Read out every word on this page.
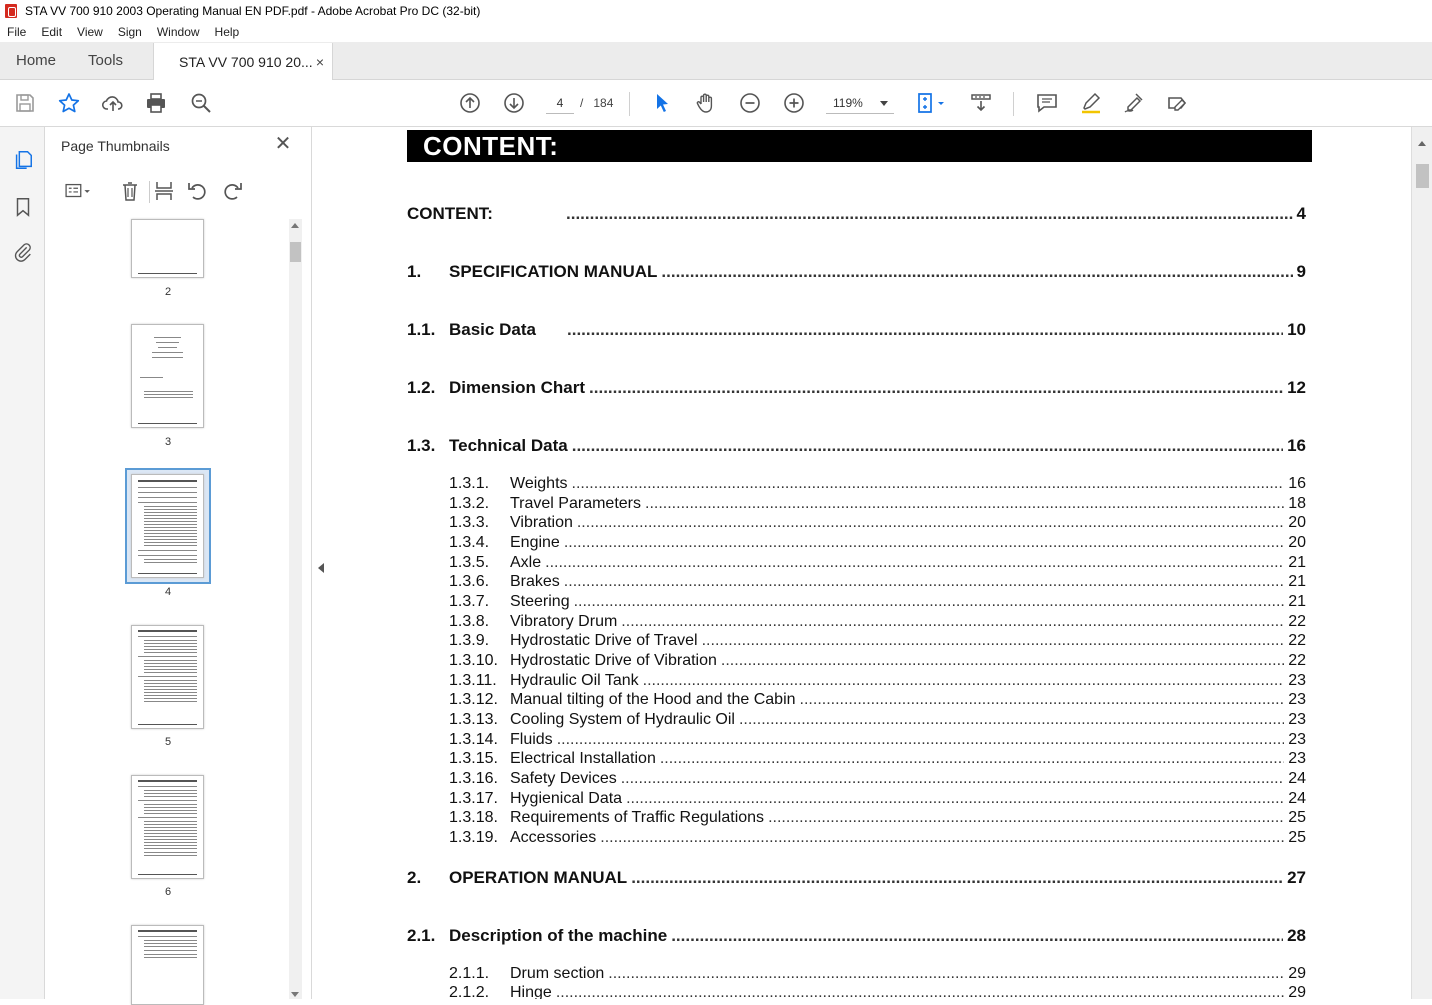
STA VV 700 910 2003 Operating Manual EN PDF.pdf - Adobe Acrobat Pro DC (32-bit)
File	Edit	View	Sign	Window	Help
Home	Tools	STA VV 700 910 20... ×
4	/ 184	119%
Page Thumbnails	✕
2
3
4
5
6
CONTENT:
CONTENT: .....	4
1.	SPECIFICATION MANUAL .....	9
1.1. Basic Data .....	10
1.2. Dimension Chart .....	12
1.3. Technical Data .....	16
1.3.1.	Weights .....	16
1.3.2.	Travel Parameters .....	18
1.3.3.	Vibration .....	20
1.3.4.	Engine .....	20
1.3.5.	Axle .....	21
1.3.6.	Brakes .....	21
1.3.7.	Steering .....	21
1.3.8.	Vibratory Drum .....	22
1.3.9.	Hydrostatic Drive of Travel .....	22
1.3.10. Hydrostatic Drive of Vibration .....	22
1.3.11. Hydraulic Oil Tank .....	23
1.3.12. Manual tilting of the Hood and the Cabin .....	23
1.3.13. Cooling System of Hydraulic Oil .....	23
1.3.14. Fluids .....	23
1.3.15. Electrical Installation .....	23
1.3.16. Safety Devices .....	24
1.3.17. Hygienical Data .....	24
1.3.18. Requirements of Traffic Regulations .....	25
1.3.19. Accessories .....	25
2.	OPERATION MANUAL .....	27
2.1. Description of the machine .....	28
2.1.1.	Drum section .....	29
2.1.2.	Hinge .....	29
